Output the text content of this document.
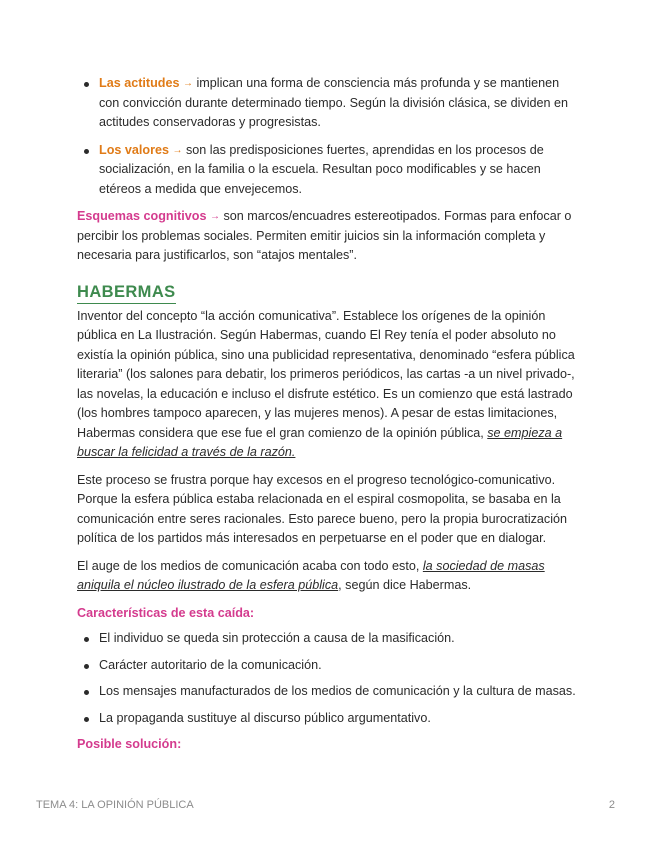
Las actitudes → implican una forma de consciencia más profunda y se mantienen con convicción durante determinado tiempo. Según la división clásica, se dividen en actitudes conservadoras y progresistas.
Los valores → son las predisposiciones fuertes, aprendidas en los procesos de socialización, en la familia o la escuela. Resultan poco modificables y se hacen etéreos a medida que envejecemos.

Esquemas cognitivos → son marcos/encuadres estereotipados. Formas para enfocar o percibir los problemas sociales. Permiten emitir juicios sin la información completa y necesaria para justificarlos, son “atajos mentales”.

HABERMAS

Inventor del concepto “la acción comunicativa”. Establece los orígenes de la opinión pública en La Ilustración. Según Habermas, cuando El Rey tenía el poder absoluto no existía la opinión pública, sino una publicidad representativa, denominado “esfera pública literaria” (los salones para debatir, los primeros periódicos, las cartas -a un nivel privado-, las novelas, la educación e incluso el disfrute estético. Es un comienzo que está lastrado (los hombres tampoco aparecen, y las mujeres menos). A pesar de estas limitaciones, Habermas considera que ese fue el gran comienzo de la opinión pública, se empieza a buscar la felicidad a través de la razón.

Este proceso se frustra porque hay excesos en el progreso tecnológico-comunicativo. Porque la esfera pública estaba relacionada en el espiral cosmopolita, se basaba en la comunicación entre seres racionales. Esto parece bueno, pero la propia burocratización política de los partidos más interesados en perpetuarse en el poder que en dialogar.

El auge de los medios de comunicación acaba con todo esto, la sociedad de masas aniquila el núcleo ilustrado de la esfera pública, según dice Habermas.

Características de esta caída:

El individuo se queda sin protección a causa de la masificación.
Carácter autoritario de la comunicación.
Los mensajes manufacturados de los medios de comunicación y la cultura de masas.
La propaganda sustituye al discurso público argumentativo.

Posible solución:

TEMA 4: LA OPINIÓN PÚBLICA	2
